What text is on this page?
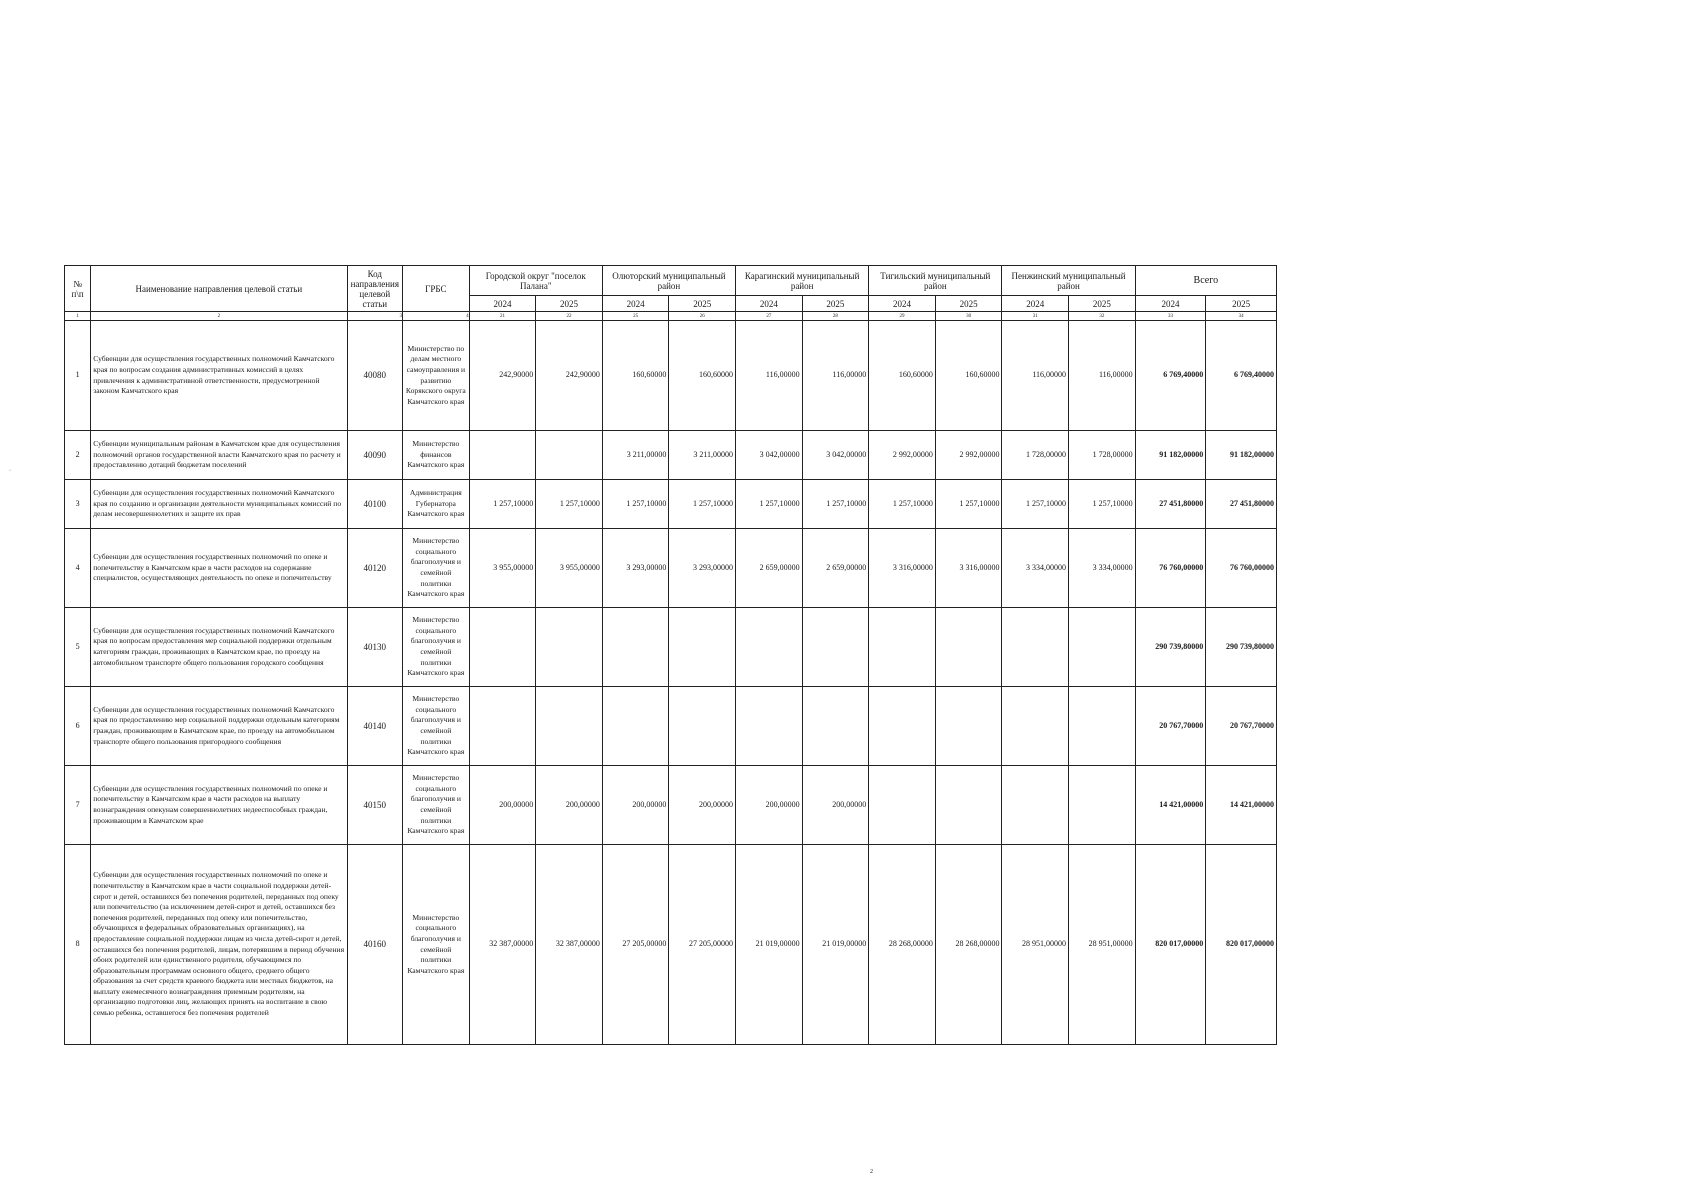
№ п\п	Наименование направления целевой статьи	Код направления целевой статьи	ГРБС	Городской округ "поселок Палана"		Олюторский муниципальный район		Карагинский муниципальный район		Тигильский муниципальный район		Пенжинский муниципальный район		Всего	
				2024	2025	2024	2025	2024	2025	2024	2025	2024	2025	2024	2025
1	2	3	4	21	22	25	26	27	28	29	30	31	32	33	34
1	Субвенции для осуществления государственных полномочий Камчатского края по вопросам создания административных комиссий в целях привлечения к административной ответственности, предусмотренной законом Камчатского края	40080	Министерство по делам местного самоуправления и развитию Корякского округа Камчатского края	242,90000	242,90000	160,60000	160,60000	116,00000	116,00000	160,60000	160,60000	116,00000	116,00000	6 769,40000	6 769,40000
2	Субвенции муниципальным районам в Камчатском крае для осуществления полномочий органов государственной власти Камчатского края по расчету и предоставлению дотаций бюджетам поселений	40090	Министерство финансов Камчатского края			3 211,00000	3 211,00000	3 042,00000	3 042,00000	2 992,00000	2 992,00000	1 728,00000	1 728,00000	91 182,00000	91 182,00000
3	Субвенции для осуществления государственных полномочий Камчатского края по созданию и организации деятельности муниципальных комиссий по делам несовершеннолетних и защите их прав	40100	Администрация Губернатора Камчатского края	1 257,10000	1 257,10000	1 257,10000	1 257,10000	1 257,10000	1 257,10000	1 257,10000	1 257,10000	1 257,10000	1 257,10000	27 451,80000	27 451,80000
4	Субвенции для осуществления государственных полномочий по опеке и попечительству в Камчатском крае в части расходов на содержание специалистов, осуществляющих деятельность по опеке и попечительству	40120	Министерство социального благополучия и семейной политики Камчатского края	3 955,00000	3 955,00000	3 293,00000	3 293,00000	2 659,00000	2 659,00000	3 316,00000	3 316,00000	3 334,00000	3 334,00000	76 760,00000	76 760,00000
5	Субвенции для осуществления государственных полномочий Камчатского края по вопросам предоставления мер социальной поддержки отдельным категориям граждан, проживающих в Камчатском крае, по проезду на автомобильном транспорте общего пользования городского сообщения	40130	Министерство социального благополучия и семейной политики Камчатского края											290 739,80000	290 739,80000
6	Субвенции для осуществления государственных полномочий Камчатского края по предоставлению мер социальной поддержки отдельным категориям граждан, проживающим в Камчатском крае, по проезду на автомобильном транспорте общего пользования пригородного сообщения	40140	Министерство социального благополучия и семейной политики Камчатского края											20 767,70000	20 767,70000
7	Субвенции для осуществления государственных полномочий по опеке и попечительству в Камчатском крае в части расходов на выплату вознаграждения опекунам совершеннолетних недееспособных граждан, проживающим в Камчатском крае	40150	Министерство социального благополучия и семейной политики Камчатского края	200,00000	200,00000	200,00000	200,00000	200,00000	200,00000					14 421,00000	14 421,00000
8	Субвенции для осуществления государственных полномочий по опеке и попечительству в Камчатском крае в части социальной поддержки детей-сирот и детей, оставшихся без попечения родителей, переданных под опеку или попечительство (за исключением детей-сирот и детей, оставшихся без попечения родителей, переданных под опеку или попечительство, обучающихся в федеральных образовательных организациях), на предоставление социальной поддержки лицам из числа детей-сирот и детей, оставшихся без попечения родителей, лицам, потерявшим в период обучения обоих родителей или единственного родителя, обучающимся по образовательным программам основного общего, среднего общего образования за счет средств краевого бюджета или местных бюджетов, на выплату ежемесячного вознаграждения приемным родителям, на организацию подготовки лиц, желающих принять на воспитание в свою семью ребенка, оставшегося без попечения родителей	40160	Министерство социального благополучия и семейной политики Камчатского края	32 387,00000	32 387,00000	27 205,00000	27 205,00000	21 019,00000	21 019,00000	28 268,00000	28 268,00000	28 951,00000	28 951,00000	820 017,00000	820 017,00000
·
2
